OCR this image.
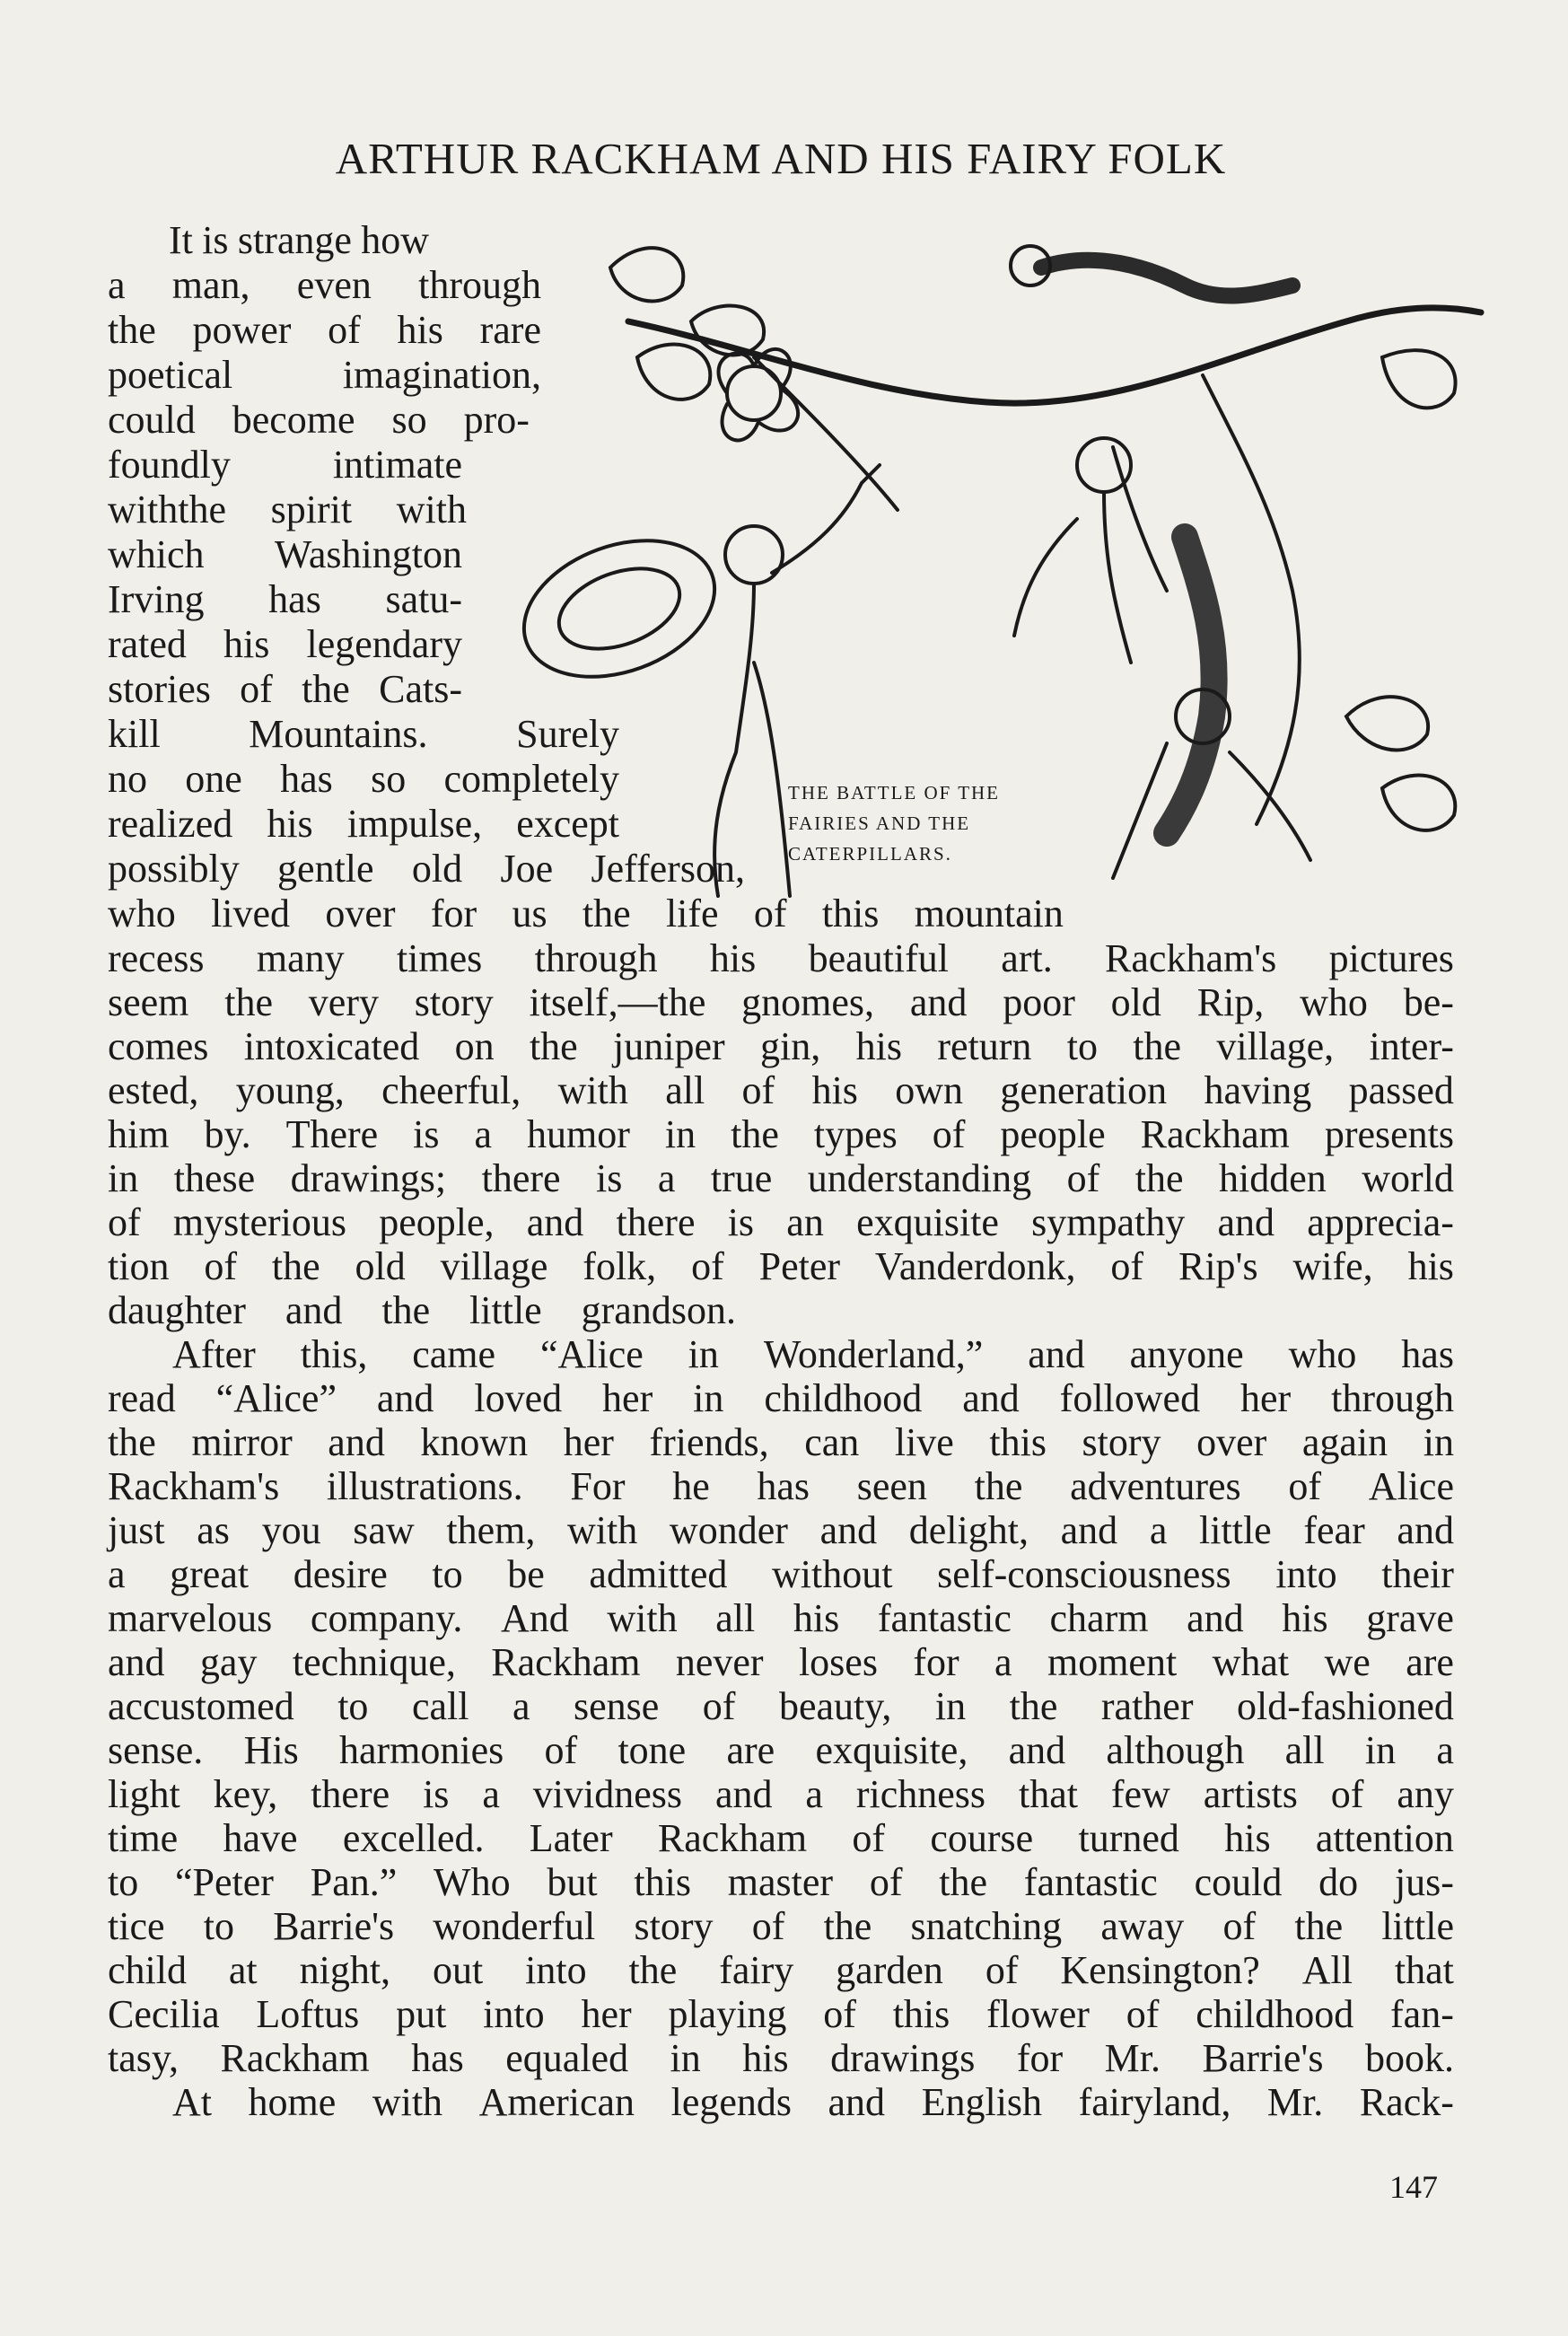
ARTHUR RACKHAM AND HIS FAIRY FOLK
It is strange how
a man, even through
the power of his rare
poetical	imagination,
could become so pro-
foundly	intimate
withthe spirit with
which Washington
Irving has satu-
rated his legendary
stories of the Cats-
kill Mountains. Surely
no one has so completely
realized his impulse, except
possibly gentle old Joe Jefferson,
who lived over for us the life of this mountain
THE BATTLE OF THE
FAIRIES AND THE
CATERPILLARS.
recess many times through his beautiful art. Rackham's pictures
seem the very story itself,—the gnomes, and poor old Rip, who be-
comes intoxicated on the juniper gin, his return to the village, inter-
ested, young, cheerful, with all of his own generation having passed
him by. There is a humor in the types of people Rackham presents
in these drawings; there is a true understanding of the hidden world
of mysterious people, and there is an exquisite sympathy and apprecia-
tion of the old village folk, of Peter Vanderdonk, of Rip's wife, his
daughter and the little grandson.
After this, came “Alice in Wonderland,” and anyone who has
read “Alice” and loved her in childhood and followed her through
the mirror and known her friends, can live this story over again in
Rackham's illustrations. For he has seen the adventures of Alice
just as you saw them, with wonder and delight, and a little fear and
a great desire to be admitted without self-consciousness into their
marvelous company. And with all his fantastic charm and his grave
and gay technique, Rackham never loses for a moment what we are
accustomed to call a sense of beauty, in the rather old-fashioned
sense. His harmonies of tone are exquisite, and although all in a
light key, there is a vividness and a richness that few artists of any
time have excelled. Later Rackham of course turned his attention
to “Peter Pan.” Who but this master of the fantastic could do jus-
tice to Barrie's wonderful story of the snatching away of the little
child at night, out into the fairy garden of Kensington? All that
Cecilia Loftus put into her playing of this flower of childhood fan-
tasy, Rackham has equaled in his drawings for Mr. Barrie's book.
At home with American legends and English fairyland, Mr. Rack-
147
